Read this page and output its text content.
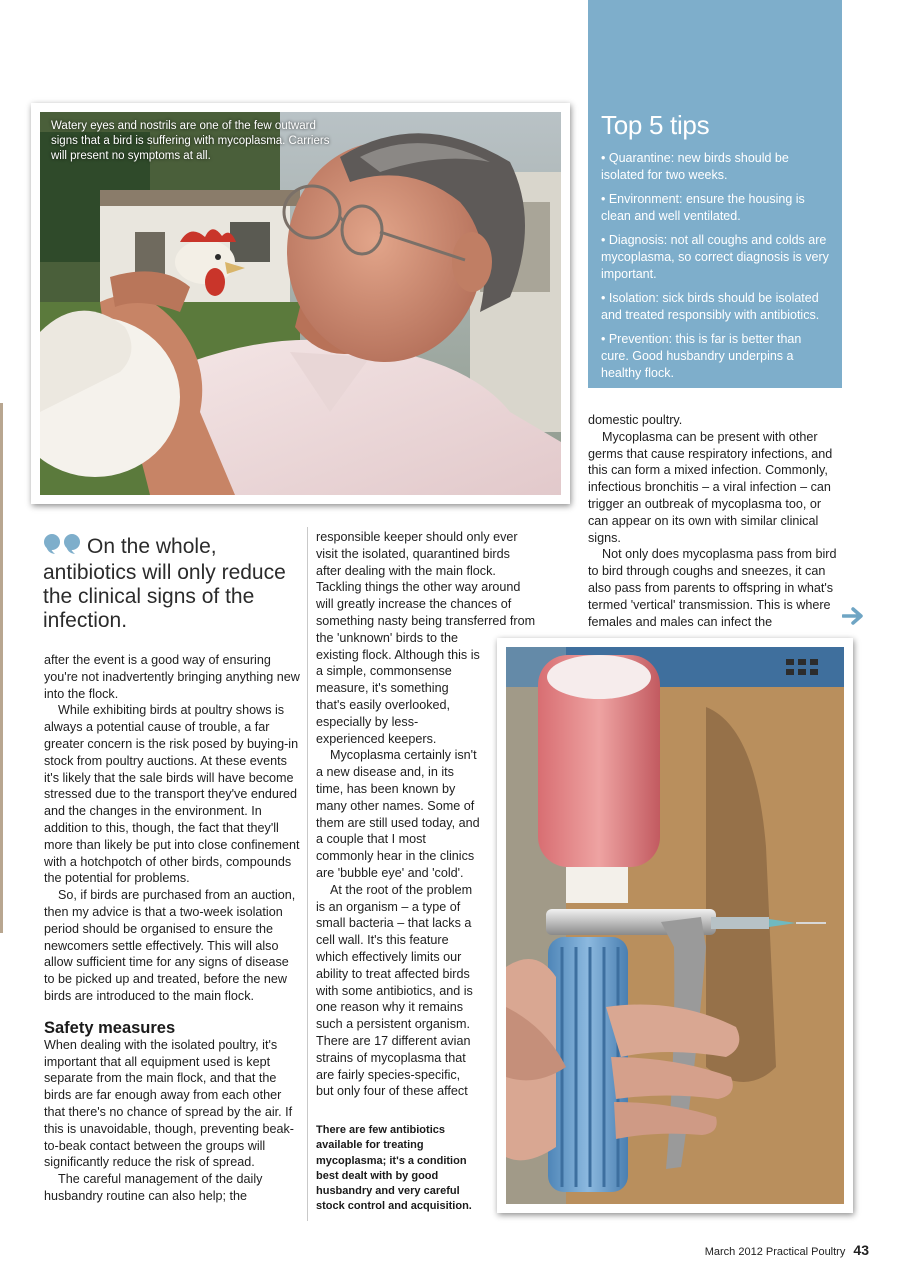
Watery eyes and nostrils are one of the few outward signs that a bird is suffering with mycoplasma. Carriers will present no symptoms at all.

Top 5 tips

• Quarantine: new birds should be isolated for two weeks.

• Environment: ensure the housing is clean and well ventilated.

• Diagnosis: not all coughs and colds are mycoplasma, so correct diagnosis is very important.

• Isolation: sick birds should be isolated and treated responsibly with antibiotics.

• Prevention: this is far is better than cure. Good husbandry underpins a healthy flock.

On the whole, antibiotics will only reduce the clinical signs of the infection.

after the event is a good way of ensuring you're not inadvertently bringing anything new into the flock.

While exhibiting birds at poultry shows is always a potential cause of trouble, a far greater concern is the risk posed by buying-in stock from poultry auctions. At these events it's likely that the sale birds will have become stressed due to the transport they've endured and the changes in the environment. In addition to this, though, the fact that they'll more than likely be put into close confinement with a hotchpotch of other birds, compounds the potential for problems.

So, if birds are purchased from an auction, then my advice is that a two-week isolation period should be organised to ensure the newcomers settle effectively. This will also allow sufficient time for any signs of disease to be picked up and treated, before the new birds are introduced to the main flock.

Safety measures

When dealing with the isolated poultry, it's important that all equipment used is kept separate from the main flock, and that the birds are far enough away from each other that there's no chance of spread by the air. If this is unavoidable, though, preventing beak-to-beak contact between the groups will significantly reduce the risk of spread.

The careful management of the daily husbandry routine can also help; the

responsible keeper should only ever visit the isolated, quarantined birds after dealing with the main flock. Tackling things the other way around will greatly increase the chances of something nasty being transferred from

the 'unknown' birds to the existing flock. Although this is a simple, commonsense measure, it's something that's easily overlooked, especially by less-experienced keepers.

Mycoplasma certainly isn't a new disease and, in its time, has been known by many other names. Some of them are still used today, and a couple that I most commonly hear in the clinics are 'bubble eye' and 'cold'.

At the root of the problem is an organism – a type of small bacteria – that lacks a cell wall. It's this feature which effectively limits our ability to treat affected birds with some antibiotics, and is one reason why it remains such a persistent organism. There are 17 different avian strains of mycoplasma that are fairly species-specific, but only four of these affect

There are few antibiotics available for treating mycoplasma; it's a condition best dealt with by good husbandry and very careful stock control and acquisition.

domestic poultry.

Mycoplasma can be present with other germs that cause respiratory infections, and this can form a mixed infection. Commonly, infectious bronchitis – a viral infection – can trigger an outbreak of mycoplasma too, or can appear on its own with similar clinical signs.

Not only does mycoplasma pass from bird to bird through coughs and sneezes, it can also pass from parents to offspring in what's termed 'vertical' transmission. This is where females and males can infect the

March 2012 Practical Poultry 43
